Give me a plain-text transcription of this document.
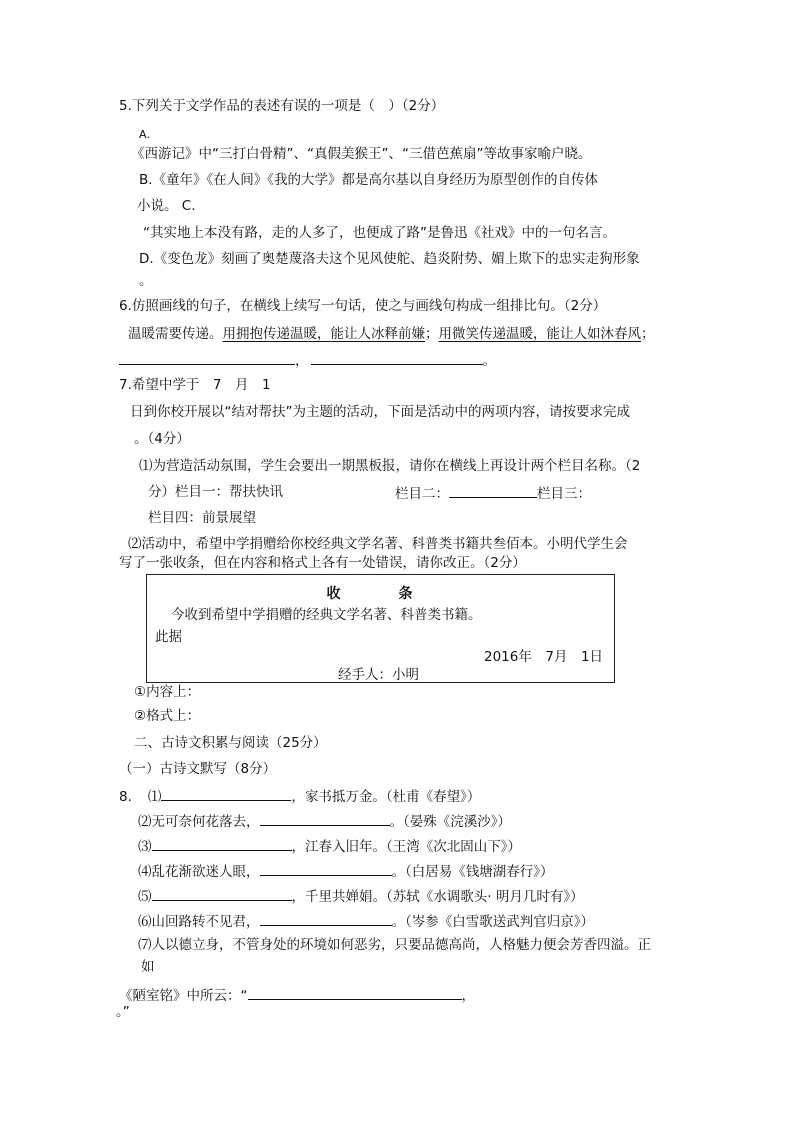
5.下列关于文学作品的表述有误的一项是（　）（2分）
A.
《西游记》中“三打白骨精”、“真假美猴王”、“三借芭蕉扇”等故事家喻户晓。
B.《童年》《在人间》《我的大学》都是高尔基以自身经历为原型创作的自传体
小说。 C.
“其实地上本没有路，走的人多了，也便成了路”是鲁迅《社戏》中的一句名言。
D.《变色龙》刻画了奥楚蔑洛夫这个见风使舵、趋炎附势、媚上欺下的忠实走狗形象
。
6.仿照画线的句子，在横线上续写一句话，使之与画线句构成一组排比句。（2分）
温暖需要传递。用拥抱传递温暖，能让人冰释前嫌；用微笑传递温暖，能让人如沐春风；
，	。
7.希望中学于　7　月　1
日到你校开展以“结对帮扶”为主题的活动，下面是活动中的两项内容，请按要求完成
。（4分）
⑴为营造活动氛围，学生会要出一期黑板报，请你在横线上再设计两个栏目名称。（2
分）栏目一：帮扶快讯	栏目二：	栏目三：
栏目四：前景展望
⑵活动中，希望中学捐赠给你校经典文学名著、科普类书籍共叁佰本。小明代学生会
写了一张收条，但在内容和格式上各有一处错误，请你改正。（2分）
收　条
今收到希望中学捐赠的经典文学名著、科普类书籍。
此据
2016年　7月　1日
经手人：小明
①内容上：
②格式上：
二、古诗文积累与阅读（25分）
（一）古诗文默写（8分）
8. ⑴	，家书抵万金。（杜甫《春望》）
⑵无可奈何花落去，	。（晏殊《浣溪沙》）
⑶	，江春入旧年。（王湾《次北固山下》）
⑷乱花渐欲迷人眼，	。（白居易《钱塘湖春行》）
⑸	，千里共婵娟。（苏轼《水调歌头· 明月几时有》）
⑹山回路转不见君，	。（岑参《白雪歌送武判官归京》）
⑺人以德立身，不管身处的环境如何恶劣，只要品德高尚，人格魅力便会芳香四溢。正
如
《陋室铭》中所云：“	，
。”
